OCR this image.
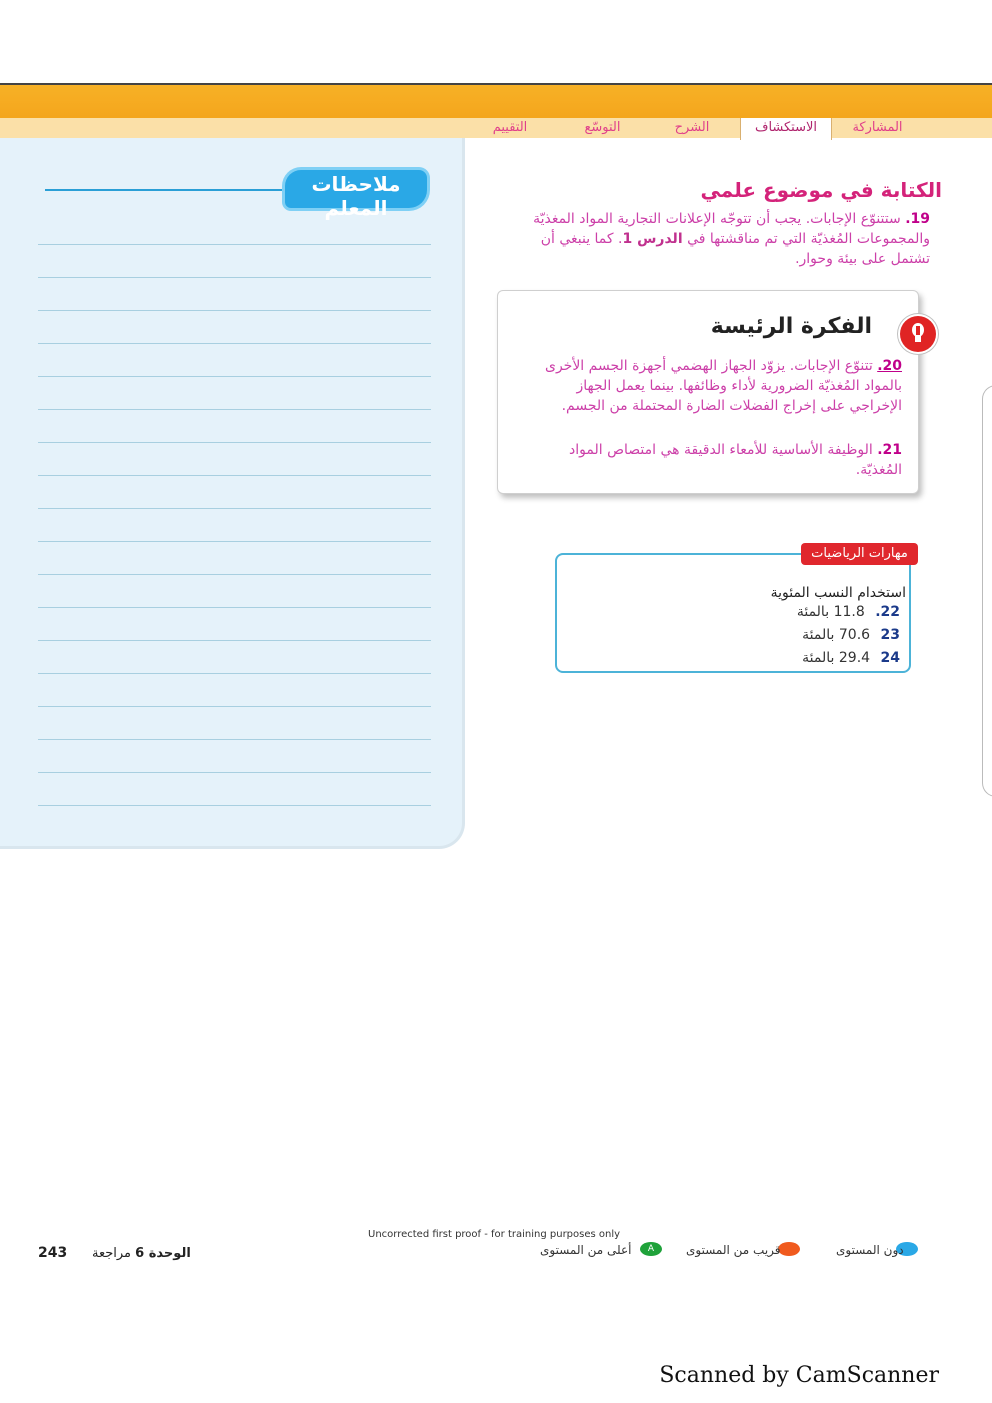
المشاركة
الاستكشاف
الشرح
التوسّع
التقييم
ملاحظات المعلم
الكتابة في موضوع علمي
19. ستتنوّع الإجابات. يجب أن تتوجّه الإعلانات التجارية المواد المغذيّة والمجموعات المُغذيّة التي تم مناقشتها في الدرس 1. كما ينبغي أن تشتمل على بيئة وحوار.
الفكرة الرئيسة
20. تتنوّع الإجابات. يزوّد الجهاز الهضمي أجهزة الجسم الأخرى بالمواد المُغذيّة الضرورية لأداء وظائفها. بينما يعمل الجهاز الإخراجي على إخراج الفضلات الضارة المحتملة من الجسم.
21. الوظيفة الأساسية للأمعاء الدقيقة هي امتصاص المواد المُغذيّة.
مهارات الرياضيات
استخدام النسب المئوية
22. 11.8 بالمئة
23 70.6 بالمئة
24 29.4 بالمئة
243	الوحدة 6 مراجعة
Uncorrected first proof - for training purposes only
A
أعلى من المستوى	قريب من المستوى	دون المستوى
Scanned by CamScanner
